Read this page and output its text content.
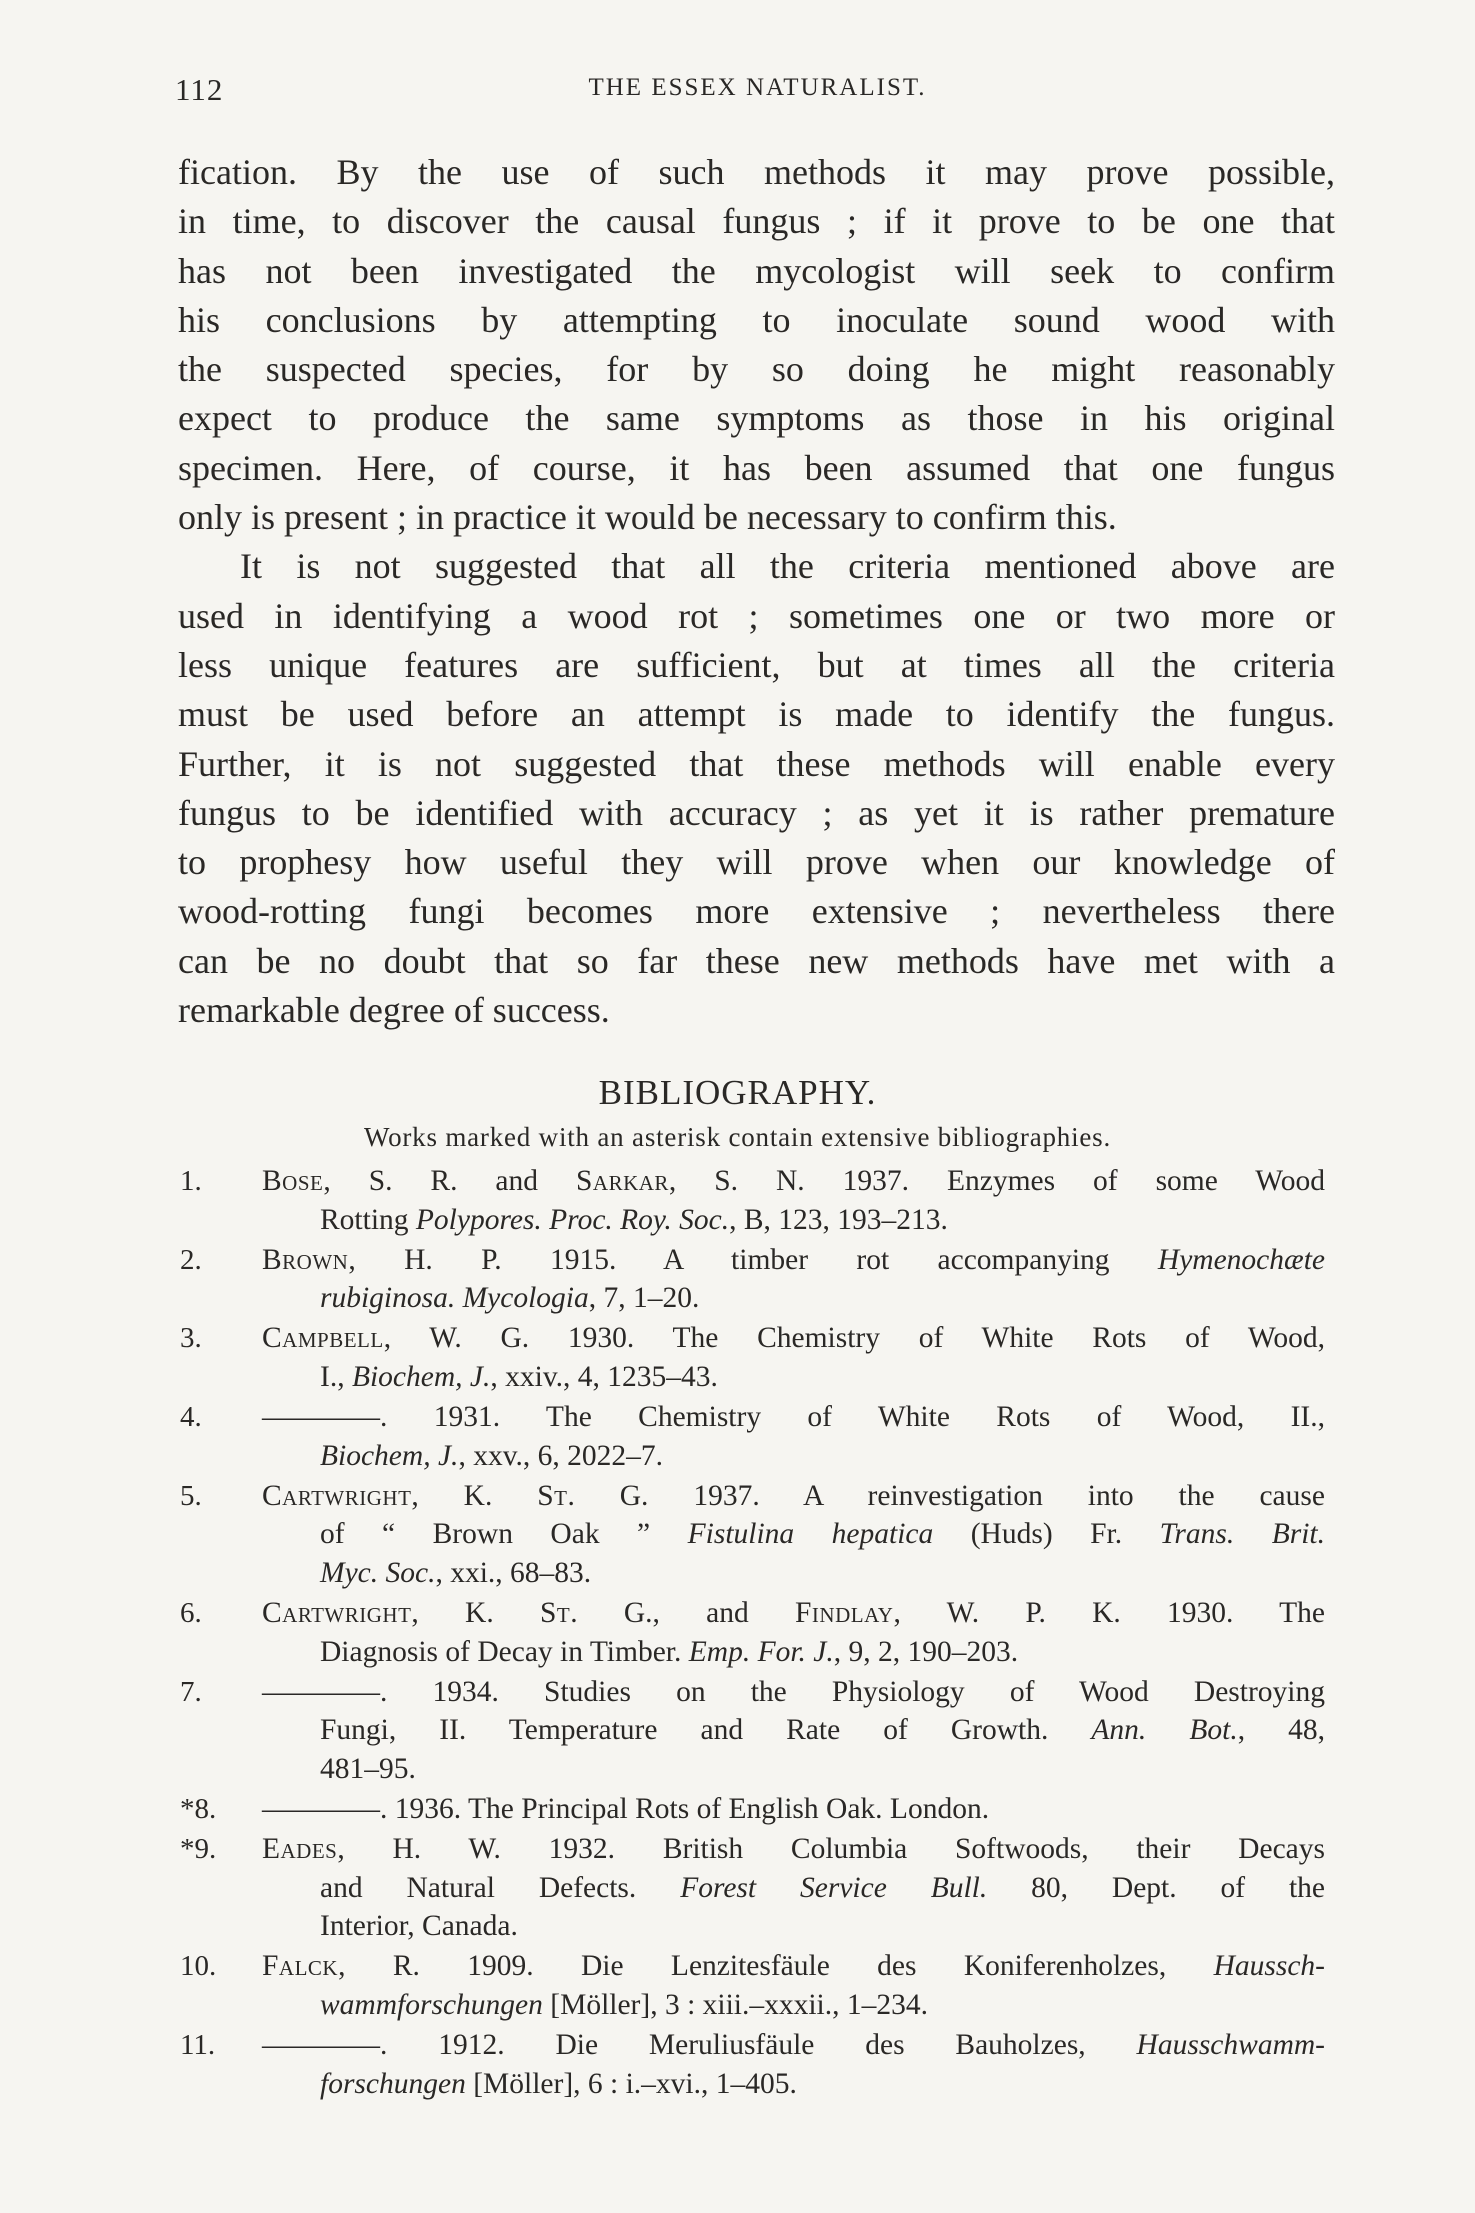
112	THE ESSEX NATURALIST.
fication. By the use of such methods it may prove possible,
in time, to discover the causal fungus ; if it prove to be one that
has not been investigated the mycologist will seek to confirm
his conclusions by attempting to inoculate sound wood with
the suspected species, for by so doing he might reasonably
expect to produce the same symptoms as those in his original
specimen. Here, of course, it has been assumed that one fungus
only is present ; in practice it would be necessary to confirm this.
It is not suggested that all the criteria mentioned above are
used in identifying a wood rot ; sometimes one or two more or
less unique features are sufficient, but at times all the criteria
must be used before an attempt is made to identify the fungus.
Further, it is not suggested that these methods will enable every
fungus to be identified with accuracy ; as yet it is rather premature
to prophesy how useful they will prove when our knowledge of
wood-rotting fungi becomes more extensive ; nevertheless there
can be no doubt that so far these new methods have met with a
remarkable degree of success.
BIBLIOGRAPHY.
Works marked with an asterisk contain extensive bibliographies.
1. Bose, S. R. and Sarkar, S. N. 1937. Enzymes of some Wood
Rotting Polypores. Proc. Roy. Soc., B, 123, 193–213.
2. Brown, H. P. 1915. A timber rot accompanying Hymenochæte
rubiginosa. Mycologia, 7, 1–20.
3. Campbell, W. G. 1930. The Chemistry of White Rots of Wood,
I., Biochem, J., xxiv., 4, 1235–43.
4. ————. 1931. The Chemistry of White Rots of Wood, II.,
Biochem, J., xxv., 6, 2022–7.
5. Cartwright, K. St. G. 1937. A reinvestigation into the cause
of “ Brown Oak ” Fistulina hepatica (Huds) Fr. Trans. Brit.
Myc. Soc., xxi., 68–83.
6. Cartwright, K. St. G., and Findlay, W. P. K. 1930. The
Diagnosis of Decay in Timber. Emp. For. J., 9, 2, 190–203.
7. ————. 1934. Studies on the Physiology of Wood Destroying
Fungi, II. Temperature and Rate of Growth. Ann. Bot., 48,
481–95.
*8. ————. 1936. The Principal Rots of English Oak. London.
*9. Eades, H. W. 1932. British Columbia Softwoods, their Decays
and Natural Defects. Forest Service Bull. 80, Dept. of the
Interior, Canada.
10. Falck, R. 1909. Die Lenzitesfäule des Koniferenholzes, Haussch-
wammforschungen [Möller], 3 : xiii.–xxxii., 1–234.
11. ————. 1912. Die Meruliusfäule des Bauholzes, Hausschwamm-
forschungen [Möller], 6 : i.–xvi., 1–405.
